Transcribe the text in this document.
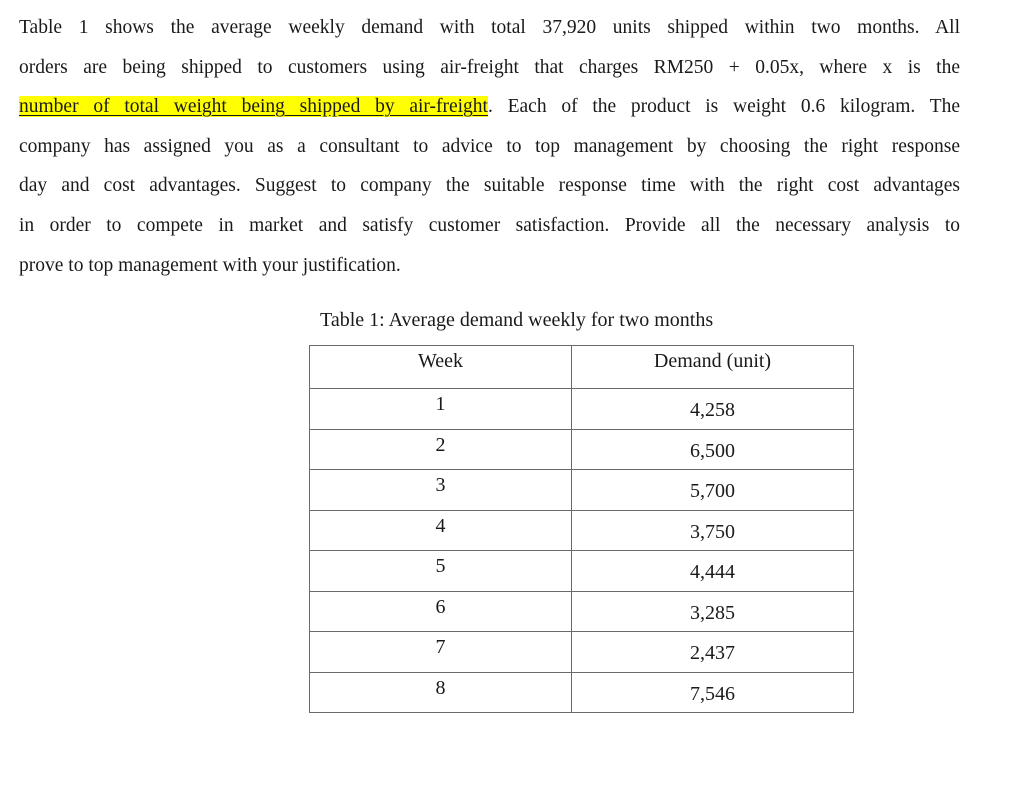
Table 1 shows the average weekly demand with total 37,920 units shipped within two months. All
orders are being shipped to customers using air-freight that charges RM250 + 0.05x, where x is the
number of total weight being shipped by air-freight. Each of the product is weight 0.6 kilogram. The
company has assigned you as a consultant to advice to top management by choosing the right response
day and cost advantages. Suggest to company the suitable response time with the right cost advantages
in order to compete in market and satisfy customer satisfaction. Provide all the necessary analysis to
prove to top management with your justification.
Table 1: Average demand weekly for two months
Week	Demand (unit)

1	4,258

2	6,500

3	5,700

4	3,750

5	4,444

6	3,285

7	2,437

8	7,546
